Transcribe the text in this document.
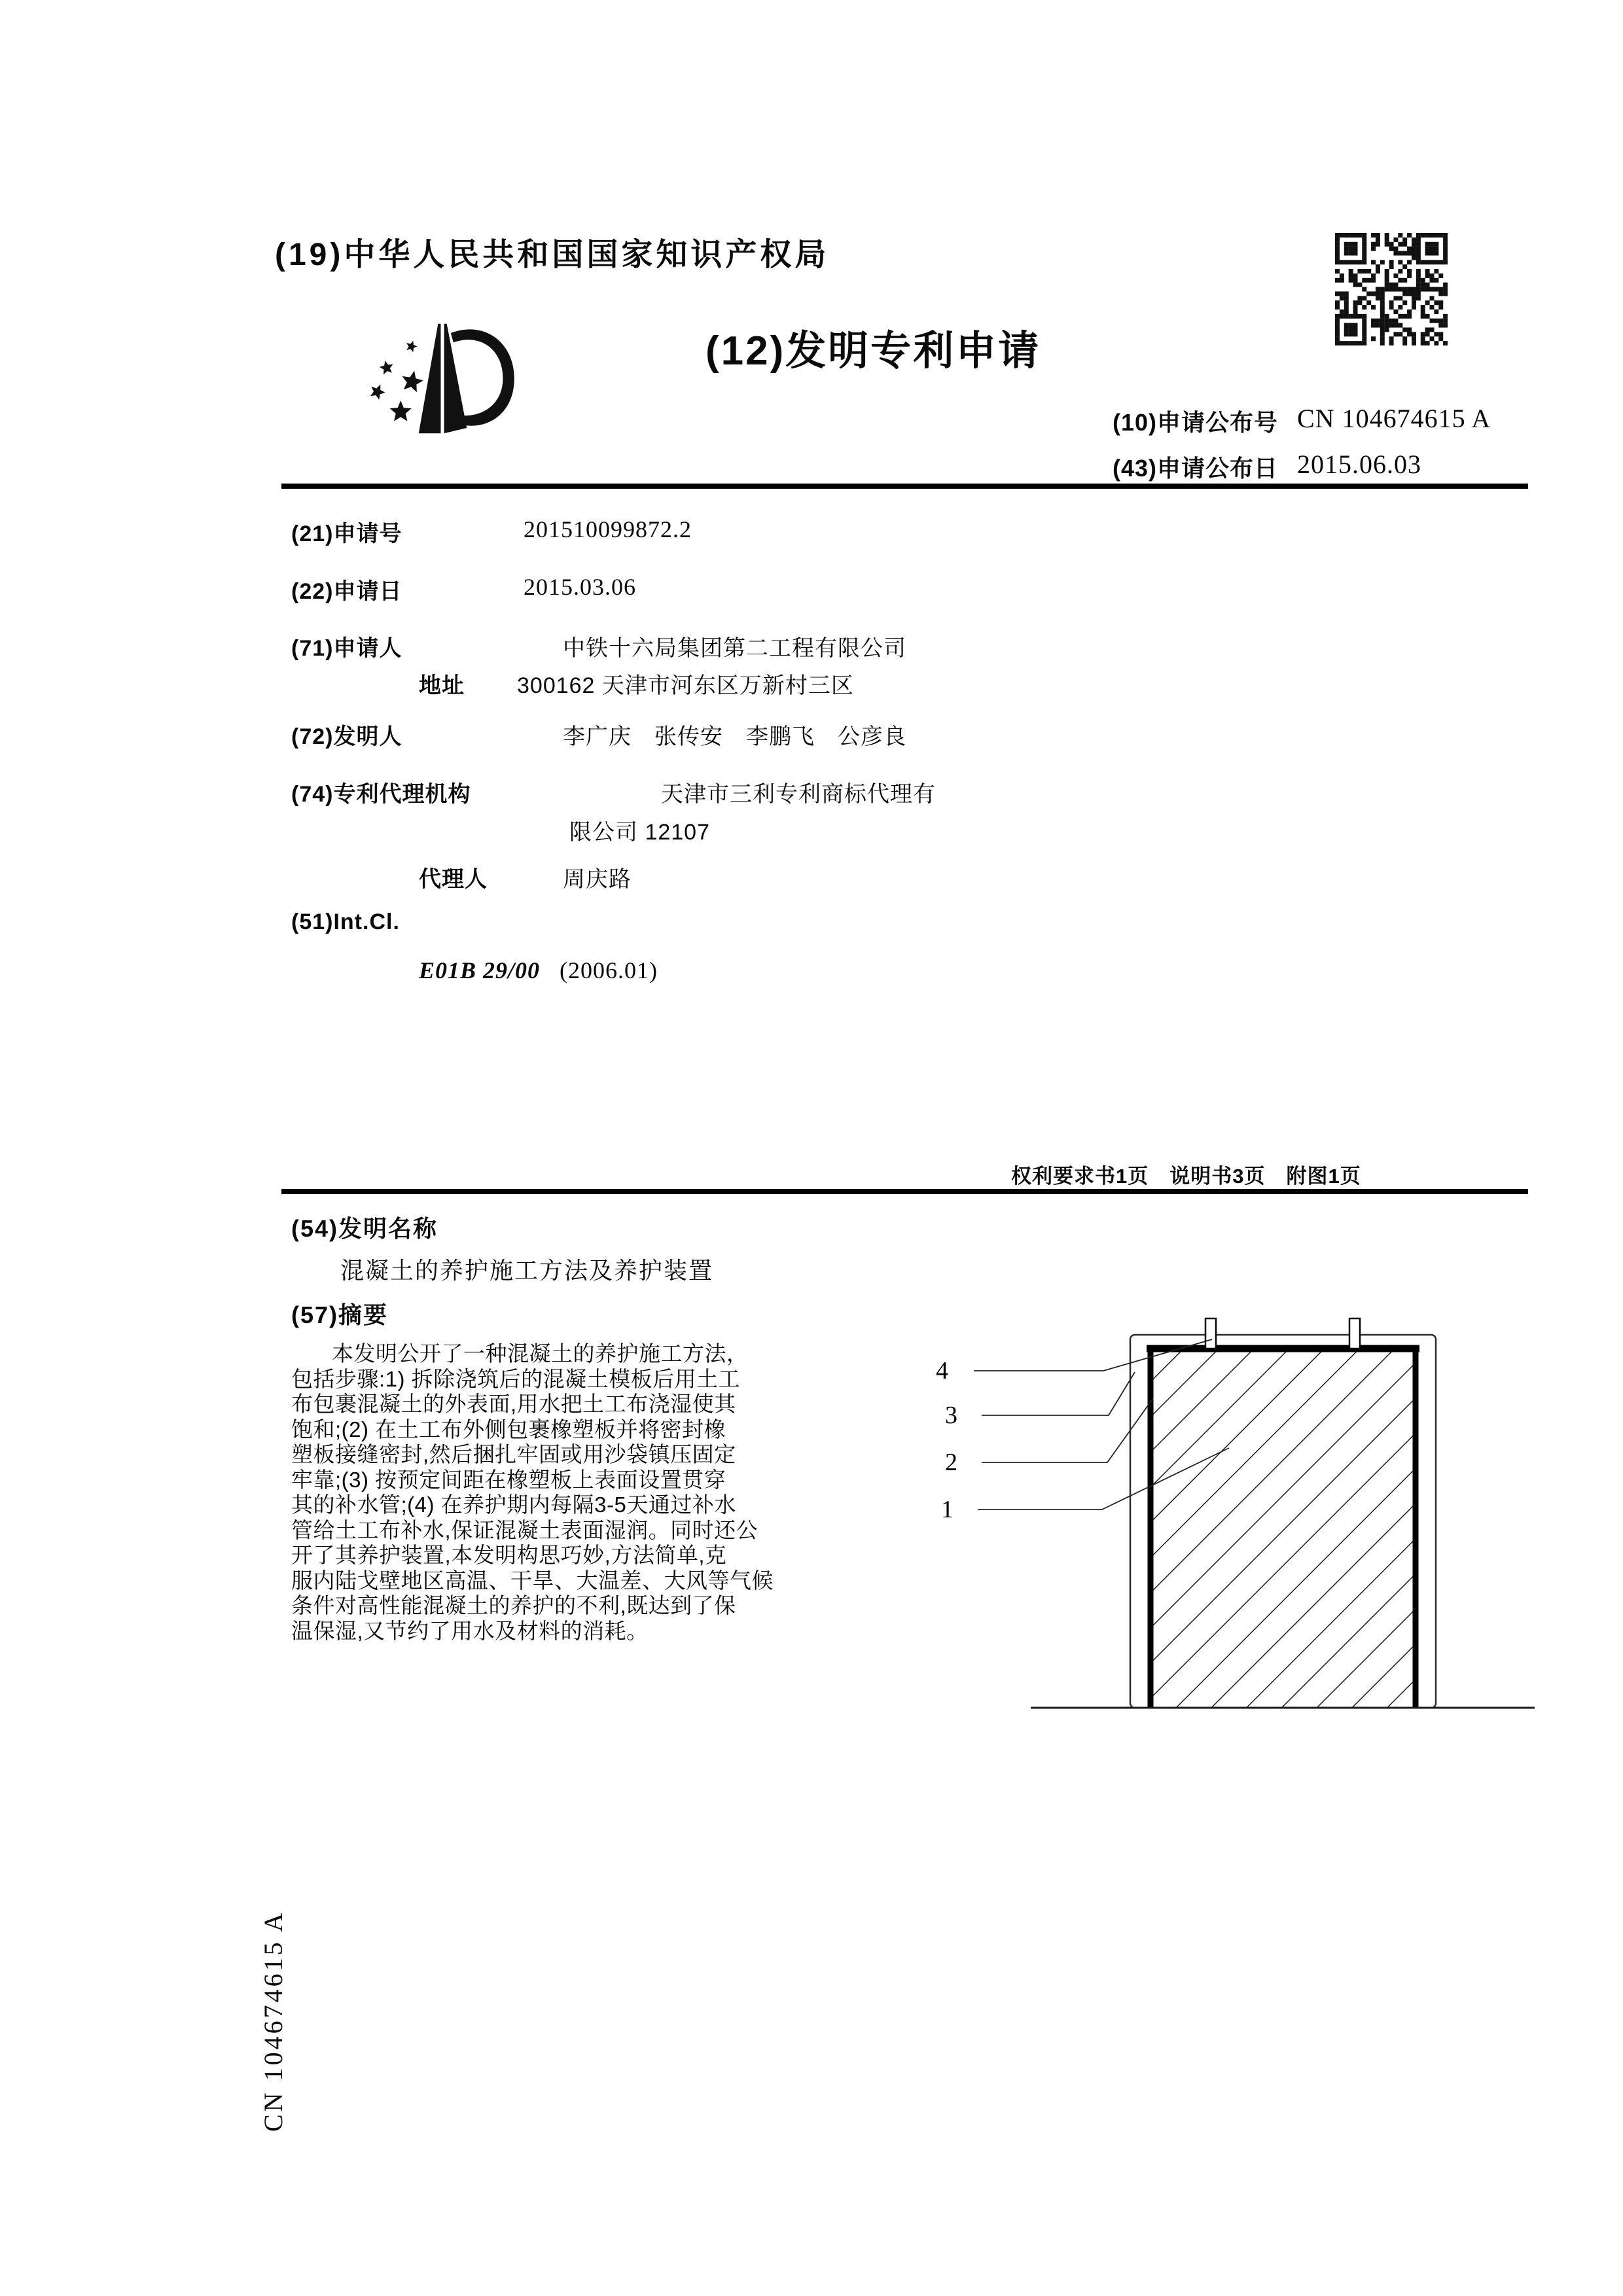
(19)中华人民共和国国家知识产权局
(12)发明专利申请
(10)申请公布号 CN 104674615 A
(43)申请公布日 2015.06.03
(21)申请号	201510099872.2
(22)申请日	2015.03.06
(71)申请人	中铁十六局集团第二工程有限公司
地址 300162 天津市河东区万新村三区
(72)发明人	李广庆　张传安　李鹏飞　公彦良
(74)专利代理机构	天津市三利专利商标代理有
限公司 12107
代理人	周庆路
(51)Int.Cl.
E01B 29/00 (2006.01)
权利要求书1页　说明书3页　附图1页
(54)发明名称
混凝土的养护施工方法及养护装置
(57)摘要
本发明公开了一种混凝土的养护施工方法，
包括步骤:1) 拆除浇筑后的混凝土模板后用土工
布包裹混凝土的外表面,用水把土工布浇湿使其
饱和;(2) 在土工布外侧包裹橡塑板并将密封橡
塑板接缝密封,然后捆扎牢固或用沙袋镇压固定
牢靠;(3) 按预定间距在橡塑板上表面设置贯穿
其的补水管;(4) 在养护期内每隔3-5天通过补水
管给土工布补水,保证混凝土表面湿润。同时还公
开了其养护装置,本发明构思巧妙,方法简单,克
服内陆戈壁地区高温、干旱、大温差、大风等气候
条件对高性能混凝土的养护的不利,既达到了保
温保湿,又节约了用水及材料的消耗。
4
3
2
1
CN 104674615 A
